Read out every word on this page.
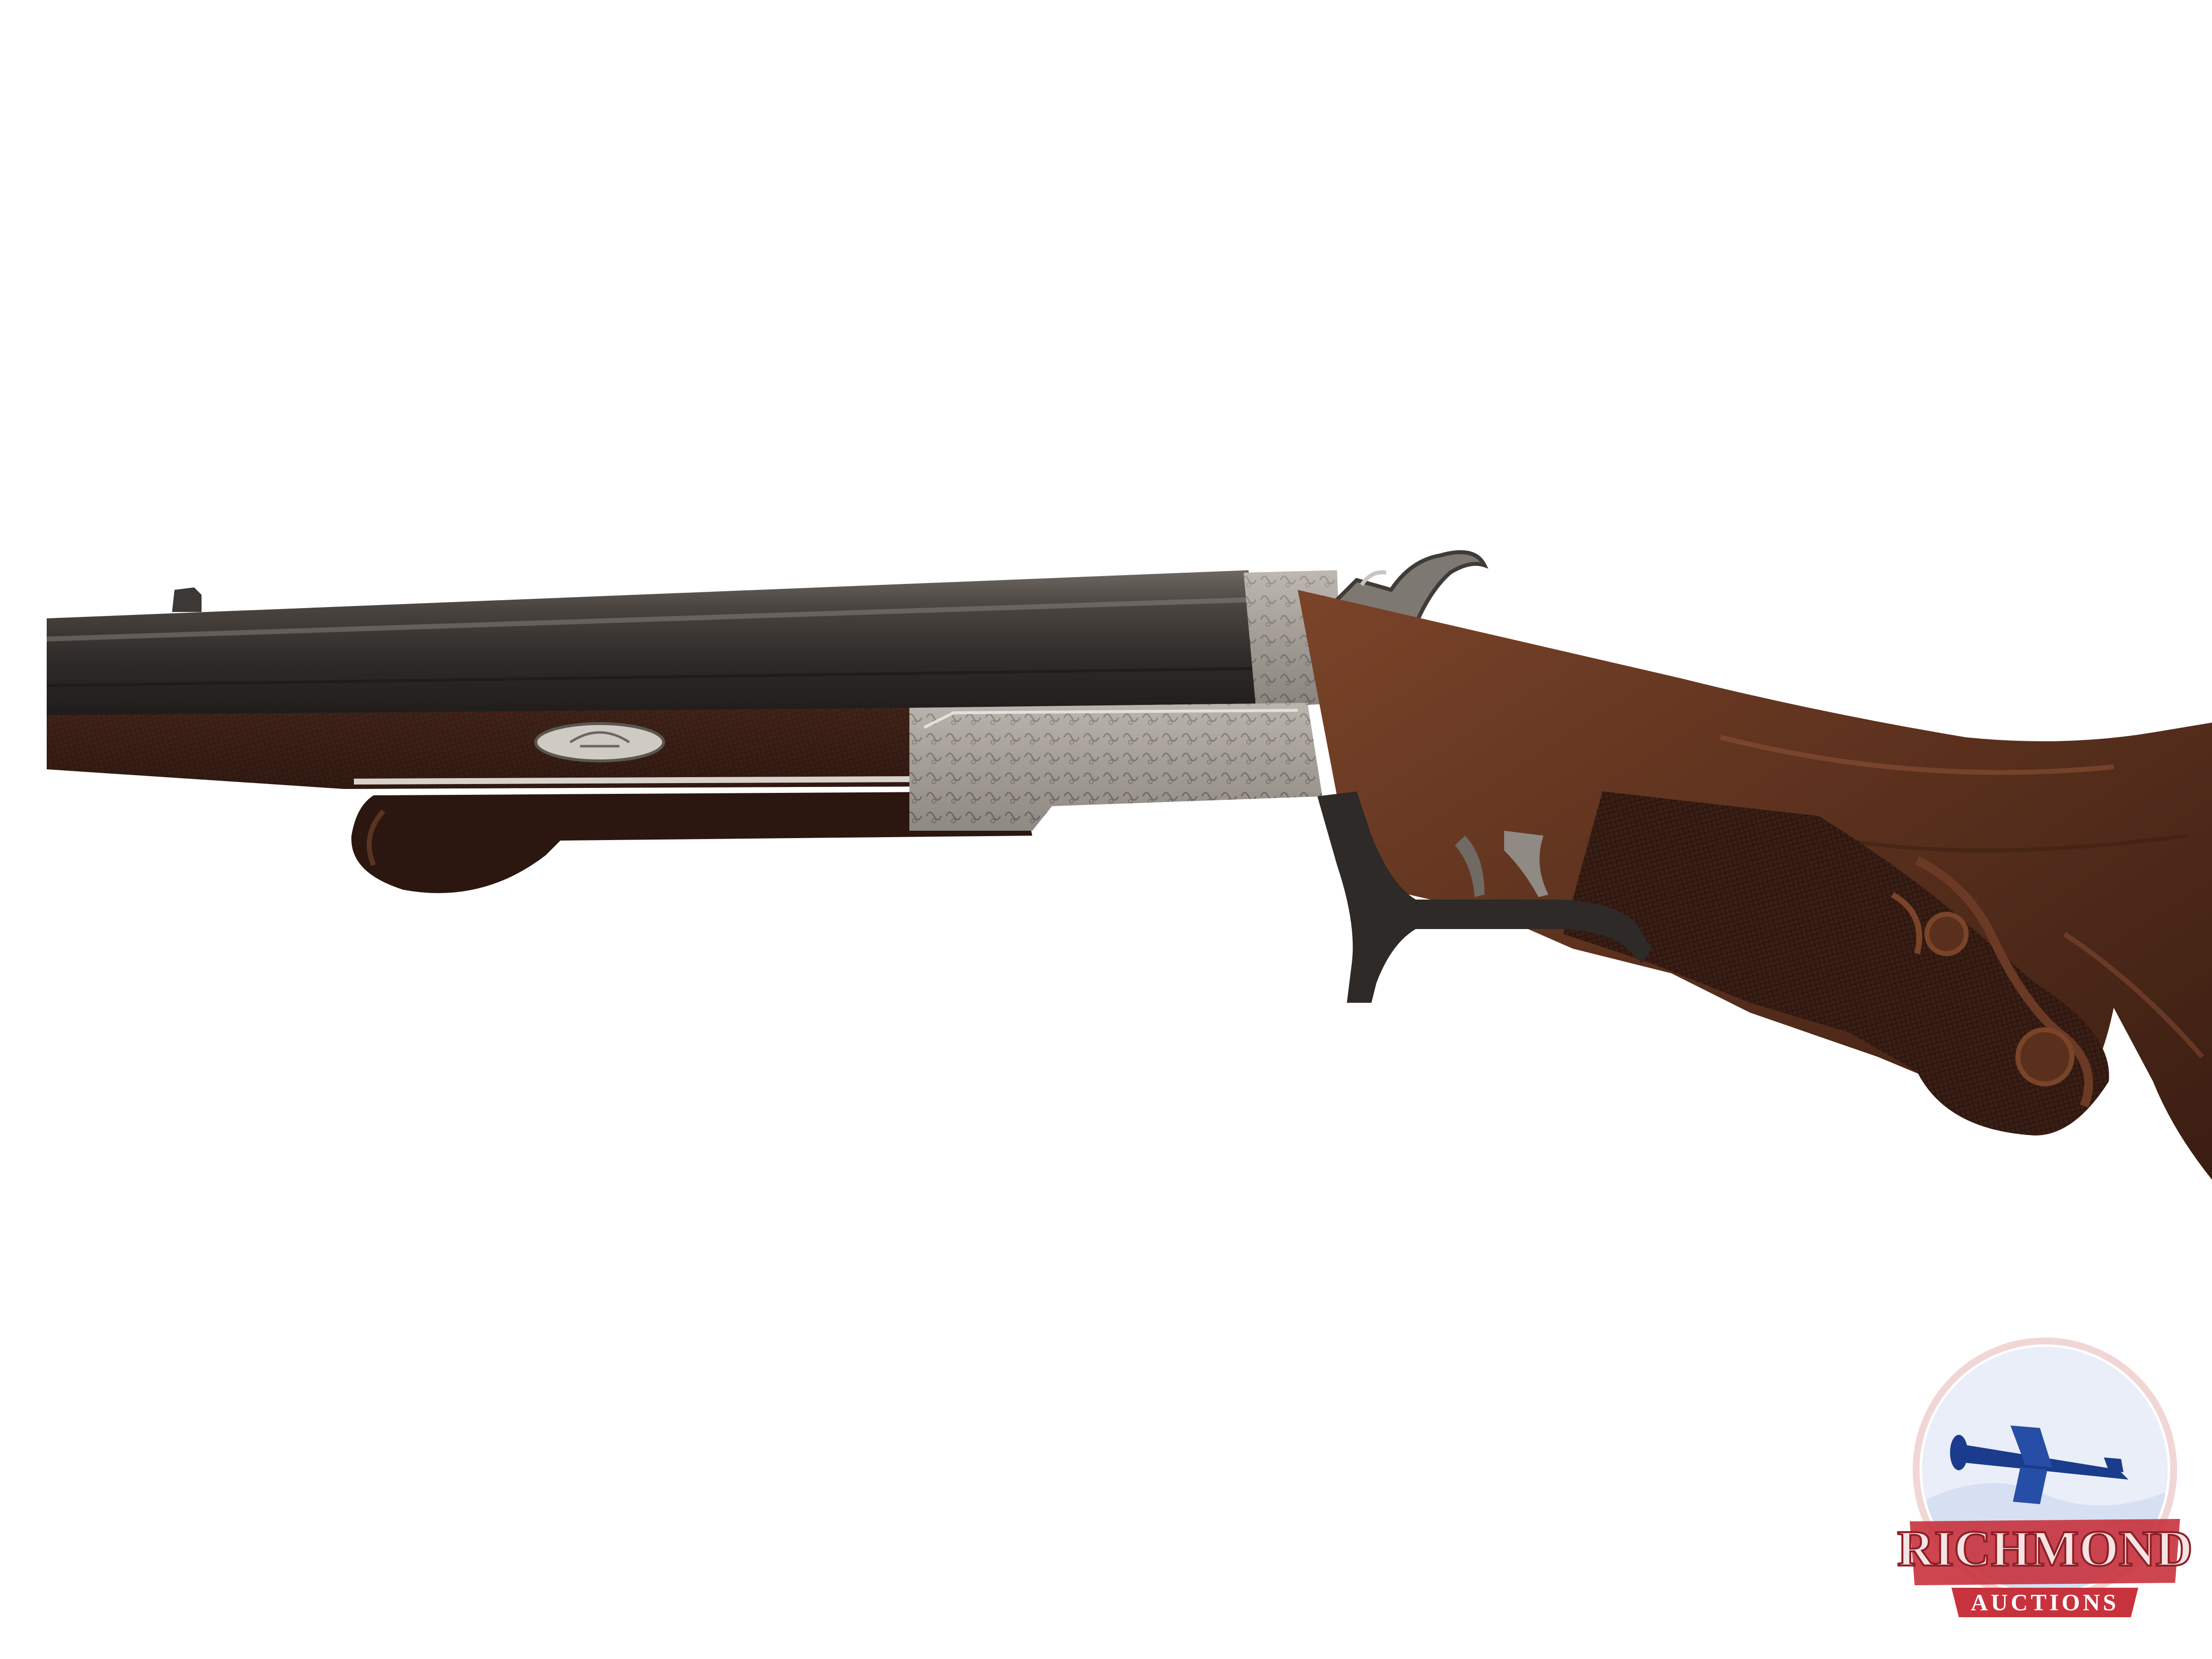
RICHMOND
AUCTIONS
